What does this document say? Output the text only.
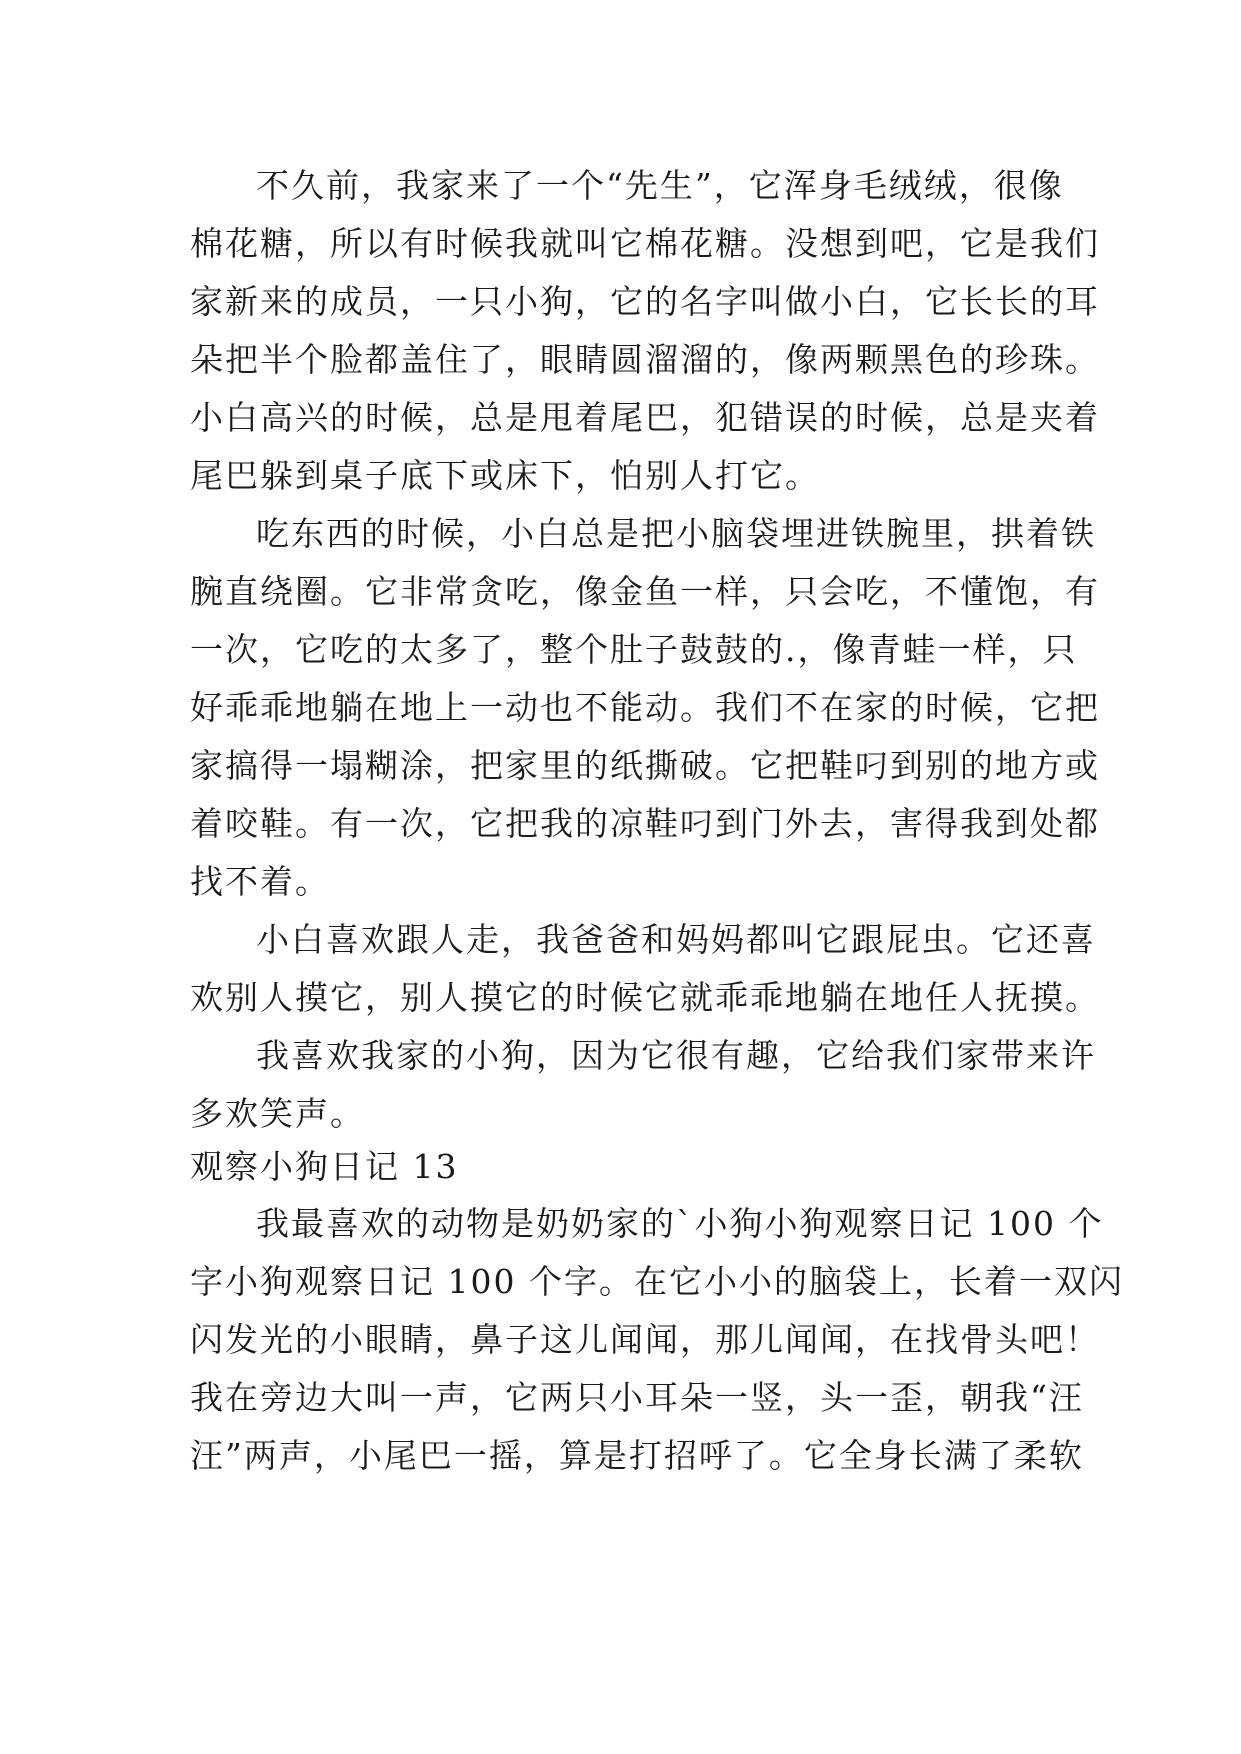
不久前，我家来了一个“先生”，它浑身毛绒绒，很像
棉花糖，所以有时候我就叫它棉花糖。没想到吧，它是我们
家新来的成员，一只小狗，它的名字叫做小白，它长长的耳
朵把半个脸都盖住了，眼睛圆溜溜的，像两颗黑色的珍珠。
小白高兴的时候，总是甩着尾巴，犯错误的时候，总是夹着
尾巴躲到桌子底下或床下，怕别人打它。
吃东西的时候，小白总是把小脑袋埋进铁腕里，拱着铁
腕直绕圈。它非常贪吃，像金鱼一样，只会吃，不懂饱，有
一次，它吃的太多了，整个肚子鼓鼓的.，像青蛙一样，只
好乖乖地躺在地上一动也不能动。我们不在家的时候，它把
家搞得一塌糊涂，把家里的纸撕破。它把鞋叼到别的地方或
着咬鞋。有一次，它把我的凉鞋叼到门外去，害得我到处都
找不着。
小白喜欢跟人走，我爸爸和妈妈都叫它跟屁虫。它还喜
欢别人摸它，别人摸它的时候它就乖乖地躺在地任人抚摸。
我喜欢我家的小狗，因为它很有趣，它给我们家带来许
多欢笑声。
观察小狗日记 13
我最喜欢的动物是奶奶家的`小狗小狗观察日记 100 个
字小狗观察日记 100 个字。在它小小的脑袋上，长着一双闪
闪发光的小眼睛，鼻子这儿闻闻，那儿闻闻，在找骨头吧！
我在旁边大叫一声，它两只小耳朵一竖，头一歪，朝我“汪
汪”两声，小尾巴一摇，算是打招呼了。它全身长满了柔软
